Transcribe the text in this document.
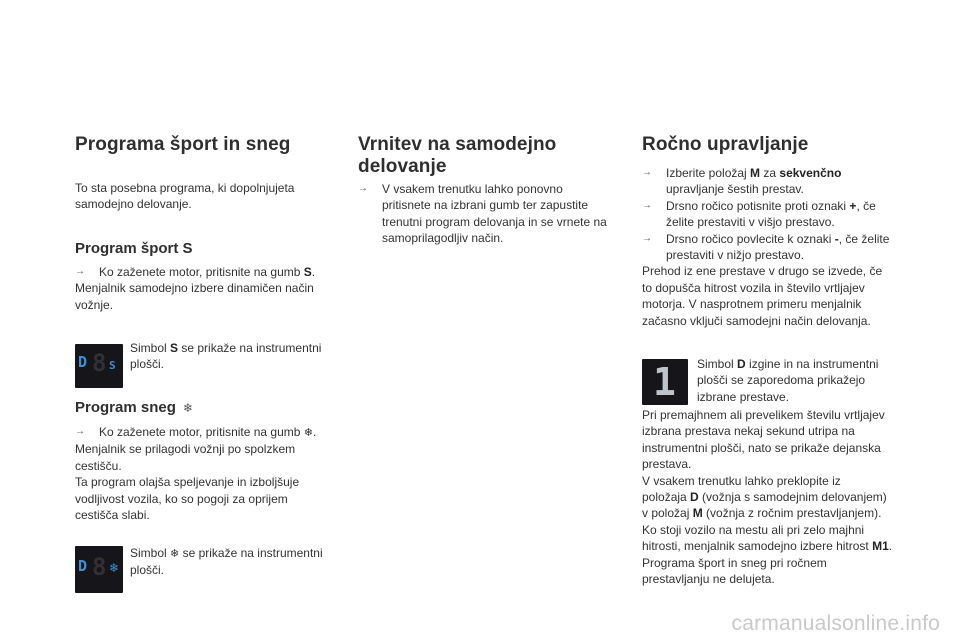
Programa šport in sneg
To sta posebna programa, ki dopolnjujeta
samodejno delovanje.
Program šport S
→ Ko zaženete motor, pritisnite na gumb S.
Menjalnik samodejno izbere dinamičen način
vožnje.
D 8 S
Simbol S se prikaže na instrumentni
plošči.
Program sneg ❄
→ Ko zaženete motor, pritisnite na gumb ❄.
Menjalnik se prilagodi vožnji po spolzkem
cestišču.
Ta program olajša speljevanje in izboljšuje
vodljivost vozila, ko so pogoji za oprijem
cestišča slabi.
D 8 ❄
Simbol ❄ se prikaže na instrumentni
plošči.
Vrnitev na samodejno
delovanje
→ V vsakem trenutku lahko ponovno
pritisnete na izbrani gumb ter zapustite
trenutni program delovanja in se vrnete na
samoprilagodljiv način.
Ročno upravljanje
→ Izberite položaj M za sekvenčno
upravljanje šestih prestav.
→ Drsno ročico potisnite proti oznaki +, če
želite prestaviti v višjo prestavo.
→ Drsno ročico povlecite k oznaki -, če želite
prestaviti v nižjo prestavo.
Prehod iz ene prestave v drugo se izvede, če
to dopušča hitrost vozila in število vrtljajev
motorja. V nasprotnem primeru menjalnik
začasno vključi samodejni način delovanja.
1 Simbol D izgine in na instrumentni
plošči se zaporedoma prikažejo
izbrane prestave.
Pri premajhnem ali prevelikem številu vrtljajev
izbrana prestava nekaj sekund utripa na
instrumentni plošči, nato se prikaže dejanska
prestava.
V vsakem trenutku lahko preklopite iz
položaja D (vožnja s samodejnim delovanjem)
v položaj M (vožnja z ročnim prestavljanjem).
Ko stoji vozilo na mestu ali pri zelo majhni
hitrosti, menjalnik samodejno izbere hitrost M1.
Programa šport in sneg pri ročnem
prestavljanju ne delujeta.
carmanualsonline.info
